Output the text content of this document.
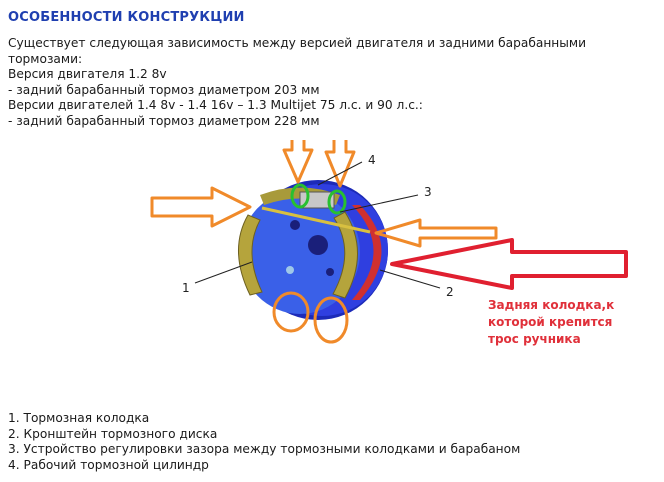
ОСОБЕННОСТИ КОНСТРУКЦИИ
Существует следующая зависимость между версией двигателя и задними барабанными тормозами:
Версия двигателя 1.2 8v
- задний барабанный тормоз диаметром 203 мм
Версии двигателей 1.4 8v - 1.4 16v – 1.3 Multijet 75 л.с. и 90 л.с.:
- задний барабанный тормоз диаметром 228 мм
1	2
3
4
Задняя колодка,к
которой крепится
трос ручника
1. Тормозная колодка
2. Кронштейн тормозного диска
3. Устройство регулировки зазора между тормозными колодками и барабаном
4. Рабочий тормозной цилиндр
